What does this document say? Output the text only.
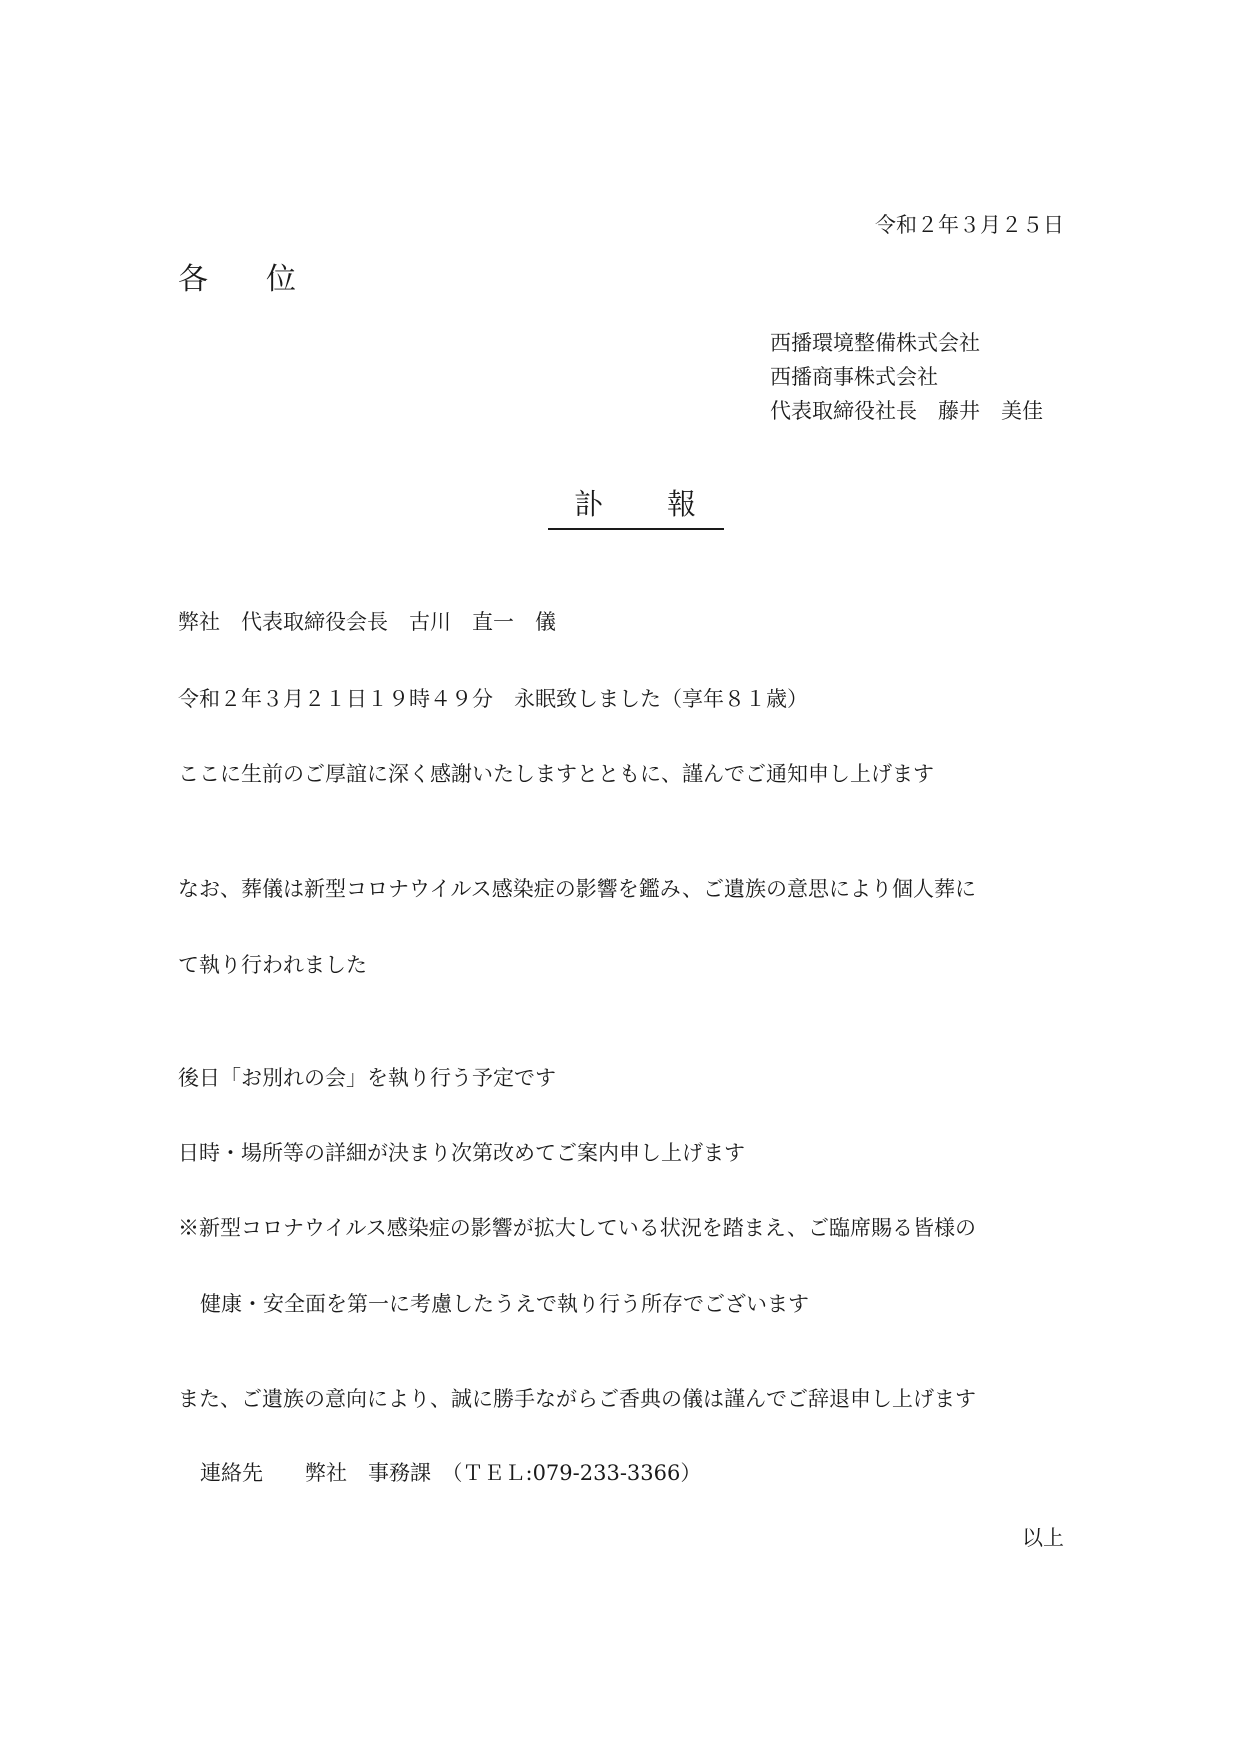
令和２年３月２５日
各　位
西播環境整備株式会社
西播商事株式会社
代表取締役社長　藤井　美佳
訃　　報
弊社　代表取締役会長　古川　直一　儀
令和２年３月２１日１９時４９分　永眠致しました（享年８１歳）
ここに生前のご厚誼に深く感謝いたしますとともに、謹んでご通知申し上げます
なお、葬儀は新型コロナウイルス感染症の影響を鑑み、ご遺族の意思により個人葬に
て執り行われました
後日「お別れの会」を執り行う予定です
日時・場所等の詳細が決まり次第改めてご案内申し上げます
※新型コロナウイルス感染症の影響が拡大している状況を踏まえ、ご臨席賜る皆様の
健康・安全面を第一に考慮したうえで執り行う所存でございます
また、ご遺族の意向により、誠に勝手ながらご香典の儀は謹んでご辞退申し上げます
連絡先　　弊社　事務課　（ＴＥＬ:079-233-3366）
以上
